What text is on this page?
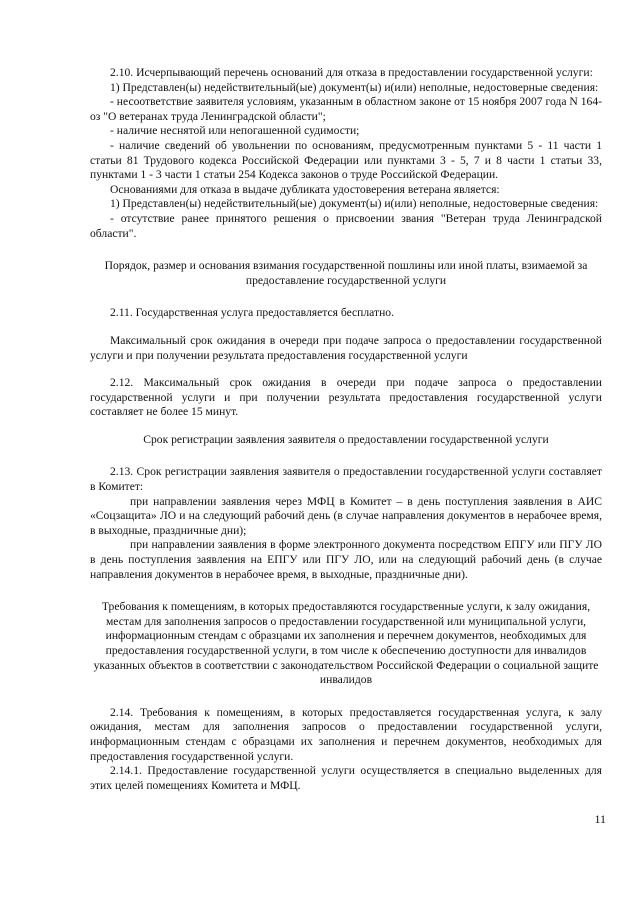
2.10. Исчерпывающий перечень оснований для отказа в предоставлении государственной услуги:

1) Представлен(ы) недействительный(ые) документ(ы) и(или) неполные, недостоверные сведения:

- несоответствие заявителя условиям, указанным в областном законе от 15 ноября 2007 года N 164-оз "О ветеранах труда Ленинградской области";

- наличие неснятой или непогашенной судимости;

- наличие сведений об увольнении по основаниям, предусмотренным пунктами 5 - 11 части 1 статьи 81 Трудового кодекса Российской Федерации или пунктами 3 - 5, 7 и 8 части 1 статьи 33, пунктами 1 - 3 части 1 статьи 254 Кодекса законов о труде Российской Федерации.

Основаниями для отказа в выдаче дубликата удостоверения ветерана является:

1) Представлен(ы) недействительный(ые) документ(ы) и(или) неполные, недостоверные сведения:

- отсутствие ранее принятого решения о присвоении звания "Ветеран труда Ленинградской области".

Порядок, размер и основания взимания государственной пошлины или иной платы, взимаемой за предоставление государственной услуги

2.11. Государственная услуга предоставляется бесплатно.

Максимальный срок ожидания в очереди при подаче запроса о предоставлении государственной услуги и при получении результата предоставления государственной услуги

2.12. Максимальный срок ожидания в очереди при подаче запроса о предоставлении государственной услуги и при получении результата предоставления государственной услуги составляет не более 15 минут.

Срок регистрации заявления заявителя о предоставлении государственной услуги

2.13. Срок регистрации заявления заявителя о предоставлении государственной услуги составляет в Комитет:

при направлении заявления через МФЦ в Комитет – в день поступления заявления в АИС «Соцзащита» ЛО и на следующий рабочий день (в случае направления документов в нерабочее время, в выходные, праздничные дни);

при направлении заявления в форме электронного документа посредством ЕПГУ или ПГУ ЛО в день поступления заявления на ЕПГУ или ПГУ ЛО, или на следующий рабочий день (в случае направления документов в нерабочее время, в выходные, праздничные дни).

Требования к помещениям, в которых предоставляются государственные услуги, к залу ожидания, местам для заполнения запросов о предоставлении государственной или муниципальной услуги, информационным стендам с образцами их заполнения и перечнем документов, необходимых для предоставления государственной услуги, в том числе к обеспечению доступности для инвалидов указанных объектов в соответствии с законодательством Российской Федерации о социальной защите инвалидов

2.14. Требования к помещениям, в которых предоставляется государственная услуга, к залу ожидания, местам для заполнения запросов о предоставлении государственной услуги, информационным стендам с образцами их заполнения и перечнем документов, необходимых для предоставления государственной услуги.

2.14.1. Предоставление государственной услуги осуществляется в специально выделенных для этих целей помещениях Комитета и МФЦ.

11
